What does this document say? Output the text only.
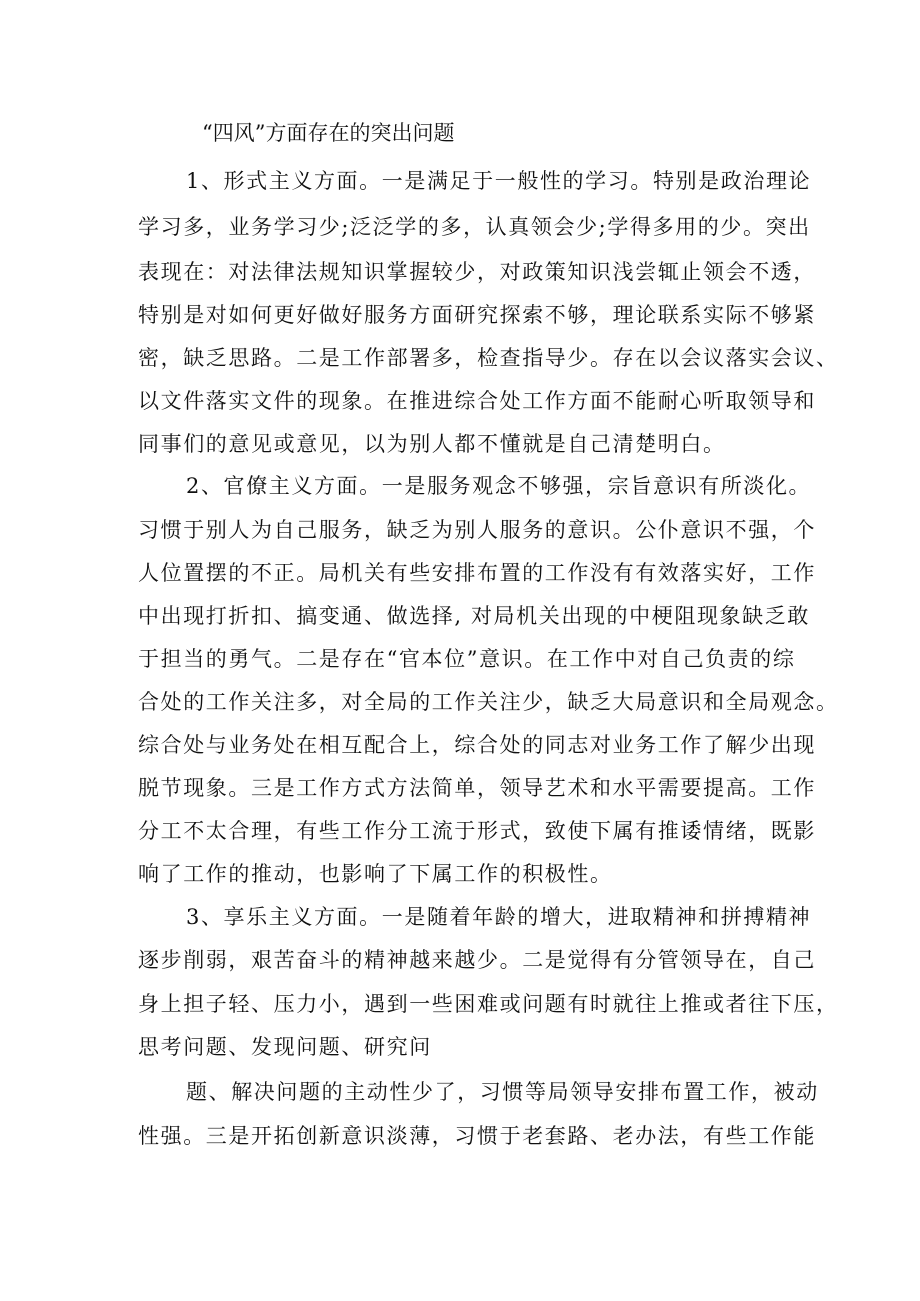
“四风”方面存在的突出问题
1、形式主义方面。一是满足于一般性的学习。特别是政治理论
学习多，业务学习少;泛泛学的多，认真领会少;学得多用的少。突出
表现在：对法律法规知识掌握较少，对政策知识浅尝辄止领会不透，
特别是对如何更好做好服务方面研究探索不够，理论联系实际不够紧
密，缺乏思路。二是工作部署多，检查指导少。存在以会议落实会议、
以文件落实文件的现象。在推进综合处工作方面不能耐心听取领导和
同事们的意见或意见，以为别人都不懂就是自己清楚明白。
2、官僚主义方面。一是服务观念不够强，宗旨意识有所淡化。
习惯于别人为自己服务，缺乏为别人服务的意识。公仆意识不强，个
人位置摆的不正。局机关有些安排布置的工作没有有效落实好，工作
中出现打折扣、搞变通、做选择, 对局机关出现的中梗阻现象缺乏敢
于担当的勇气。二是存在“官本位”意识。在工作中对自己负责的综
合处的工作关注多，对全局的工作关注少，缺乏大局意识和全局观念。
综合处与业务处在相互配合上，综合处的同志对业务工作了解少出现
脱节现象。三是工作方式方法简单，领导艺术和水平需要提高。工作
分工不太合理，有些工作分工流于形式，致使下属有推诿情绪，既影
响了工作的推动，也影响了下属工作的积极性。
3、享乐主义方面。一是随着年龄的增大，进取精神和拼搏精神
逐步削弱，艰苦奋斗的精神越来越少。二是觉得有分管领导在，自己
身上担子轻、压力小，遇到一些困难或问题有时就往上推或者往下压，
思考问题、发现问题、研究问
题、解决问题的主动性少了，习惯等局领导安排布置工作，被动
性强。三是开拓创新意识淡薄，习惯于老套路、老办法，有些工作能
